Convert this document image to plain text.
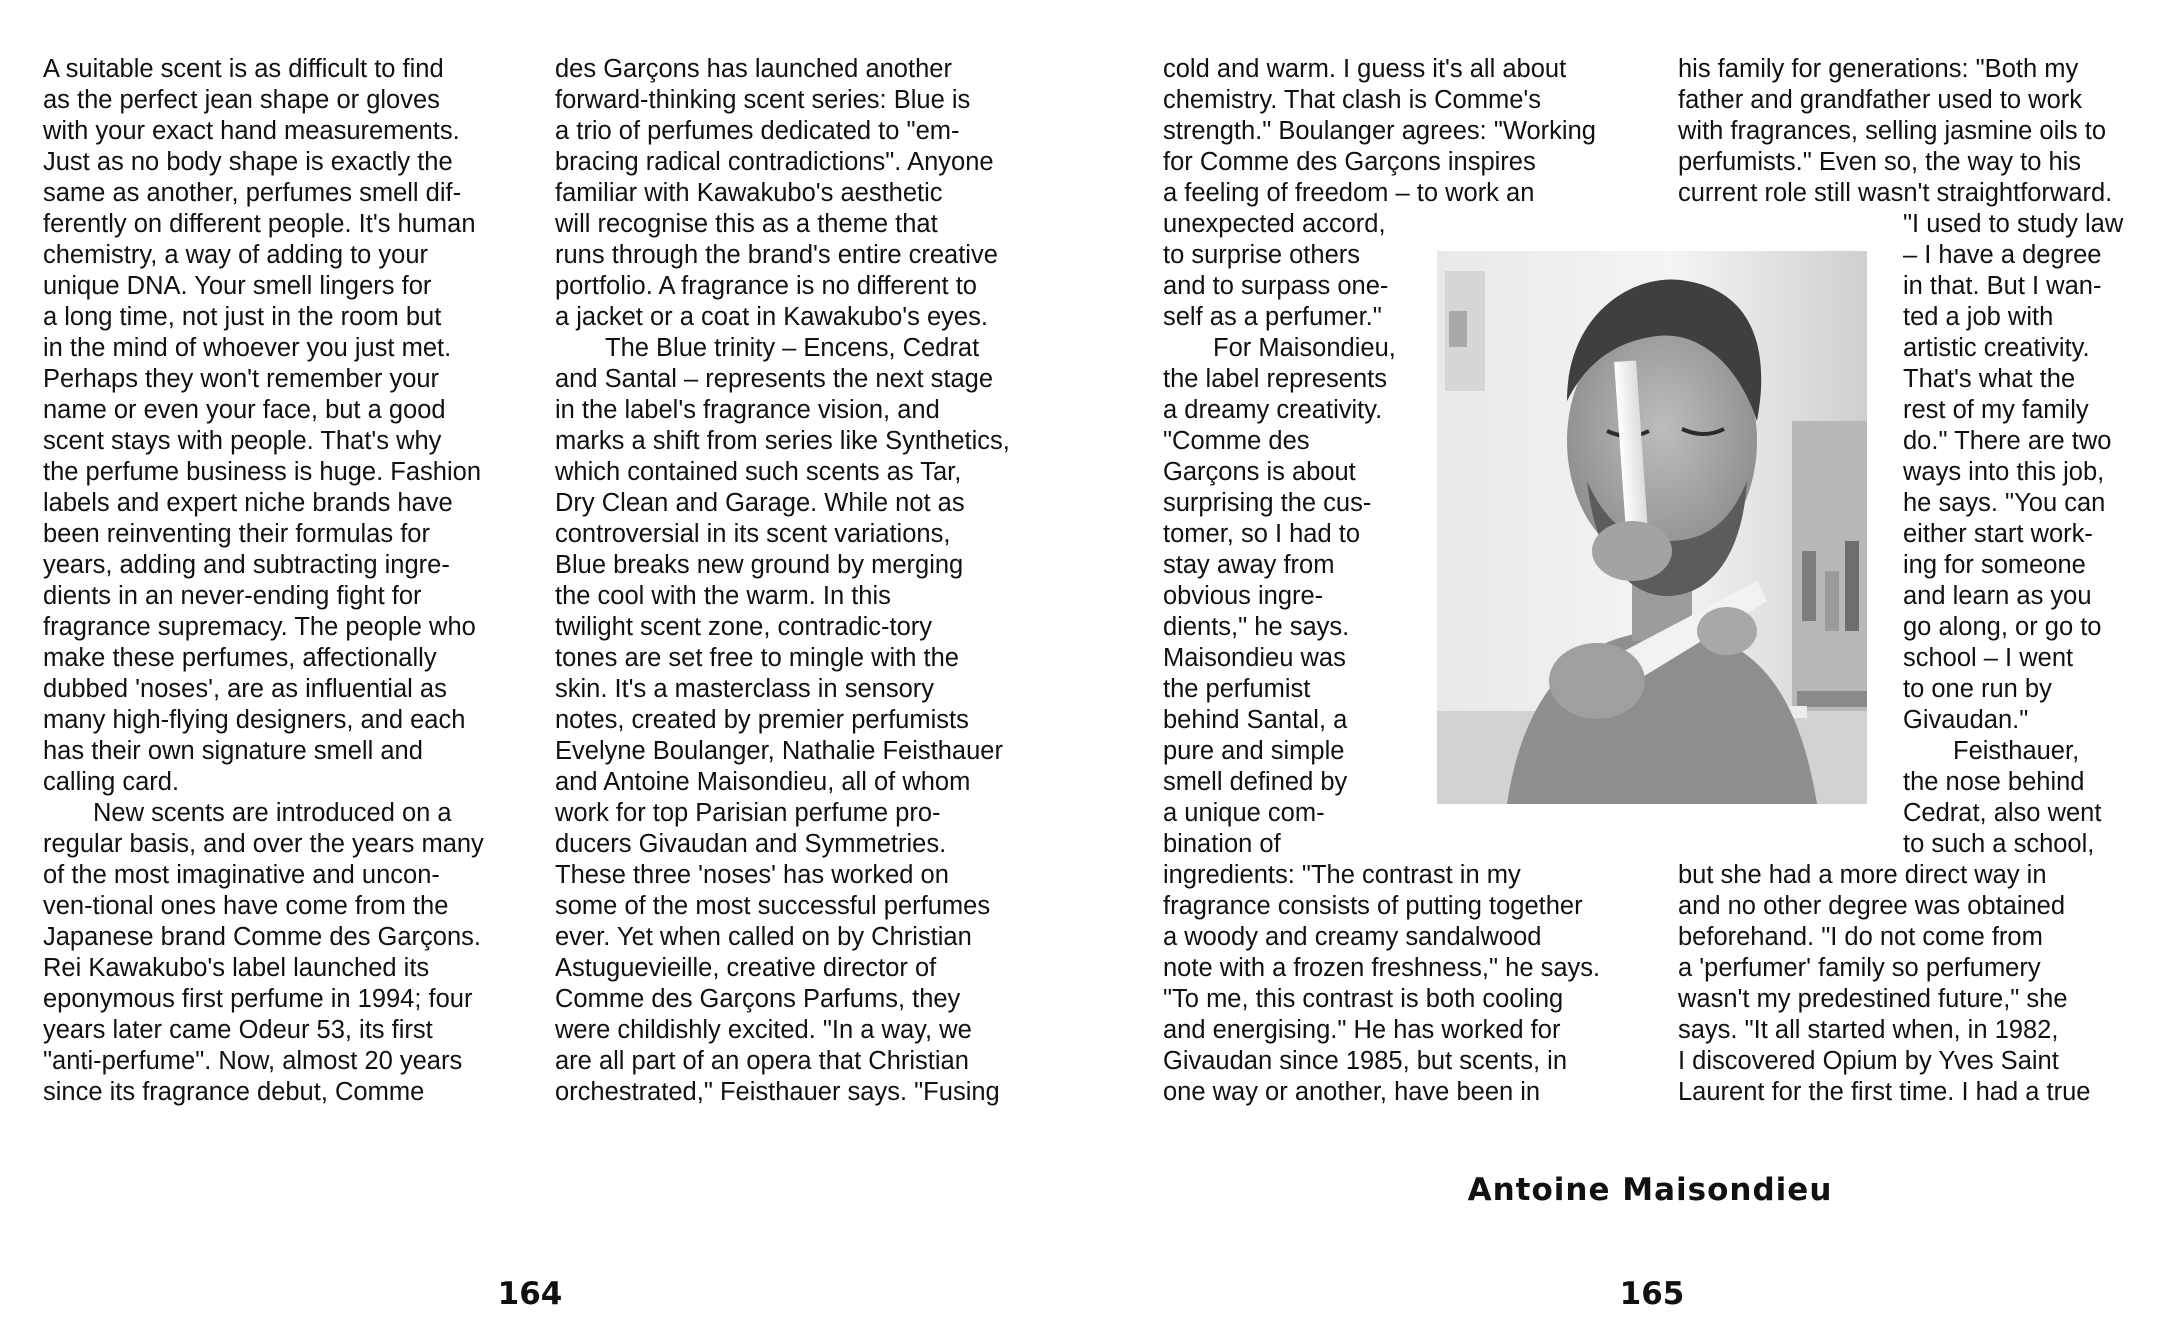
A suitable scent is as difficult to find
as the perfect jean shape or gloves
with your exact hand measurements.
Just as no body shape is exactly the
same as another, perfumes smell dif-
ferently on different people. It's human
chemistry, a way of adding to your
unique DNA. Your smell lingers for
a long time, not just in the room but
in the mind of whoever you just met.
Perhaps they won't remember your
name or even your face, but a good
scent stays with people. That's why
the perfume business is huge. Fashion
labels and expert niche brands have
been reinventing their formulas for
years, adding and subtracting ingre-
dients in an never-ending fight for
fragrance supremacy. The people who
make these perfumes, affectionally
dubbed 'noses', are as influential as
many high-flying designers, and each
has their own signature smell and
calling card.
New scents are introduced on a
regular basis, and over the years many
of the most imaginative and uncon-
ven-tional ones have come from the
Japanese brand Comme des Garçons.
Rei Kawakubo's label launched its
eponymous first perfume in 1994; four
years later came Odeur 53, its first
"anti-perfume". Now, almost 20 years
since its fragrance debut, Comme
des Garçons has launched another
forward-thinking scent series: Blue is
a trio of perfumes dedicated to "em-
bracing radical contradictions". Anyone
familiar with Kawakubo's aesthetic
will recognise this as a theme that
runs through the brand's entire creative
portfolio. A fragrance is no different to
a jacket or a coat in Kawakubo's eyes.
The Blue trinity – Encens, Cedrat
and Santal – represents the next stage
in the label's fragrance vision, and
marks a shift from series like Synthetics,
which contained such scents as Tar,
Dry Clean and Garage. While not as
controversial in its scent variations,
Blue breaks new ground by merging
the cool with the warm. In this
twilight scent zone, contradic-tory
tones are set free to mingle with the
skin. It's a masterclass in sensory
notes, created by premier perfumists
Evelyne Boulanger, Nathalie Feisthauer
and Antoine Maisondieu, all of whom
work for top Parisian perfume pro-
ducers Givaudan and Symmetries.
These three 'noses' has worked on
some of the most successful perfumes
ever. Yet when called on by Christian
Astuguevieille, creative director of
Comme des Garçons Parfums, they
were childishly excited. "In a way, we
are all part of an opera that Christian
orchestrated," Feisthauer says. "Fusing
cold and warm. I guess it's all about
chemistry. That clash is Comme's
strength." Boulanger agrees: "Working
for Comme des Garçons inspires
a feeling of freedom – to work an
unexpected accord,
to surprise others
and to surpass one-
self as a perfumer."
For Maisondieu,
the label represents
a dreamy creativity.
"Comme des
Garçons is about
surprising the cus-
tomer, so I had to
stay away from
obvious ingre-
dients," he says.
Maisondieu was
the perfumist
behind Santal, a
pure and simple
smell defined by
a unique com-
bination of
ingredients: "The contrast in my
fragrance consists of putting together
a woody and creamy sandalwood
note with a frozen freshness," he says.
"To me, this contrast is both cooling
and energising." He has worked for
Givaudan since 1985, but scents, in
one way or another, have been in
his family for generations: "Both my
father and grandfather used to work
with fragrances, selling jasmine oils to
perfumists." Even so, the way to his
current role still wasn't straightforward.
"I used to study law
– I have a degree
in that. But I wan-
ted a job with
artistic creativity.
That's what the
rest of my family
do." There are two
ways into this job,
he says. "You can
either start work-
ing for someone
and learn as you
go along, or go to
school – I went
to one run by
Givaudan."
Feisthauer,
the nose behind
Cedrat, also went
to such a school,
but she had a more direct way in
and no other degree was obtained
beforehand. "I do not come from
a 'perfumer' family so perfumery
wasn't my predestined future," she
says. "It all started when, in 1982,
I discovered Opium by Yves Saint
Laurent for the first time. I had a true
Antoine Maisondieu
164	165
